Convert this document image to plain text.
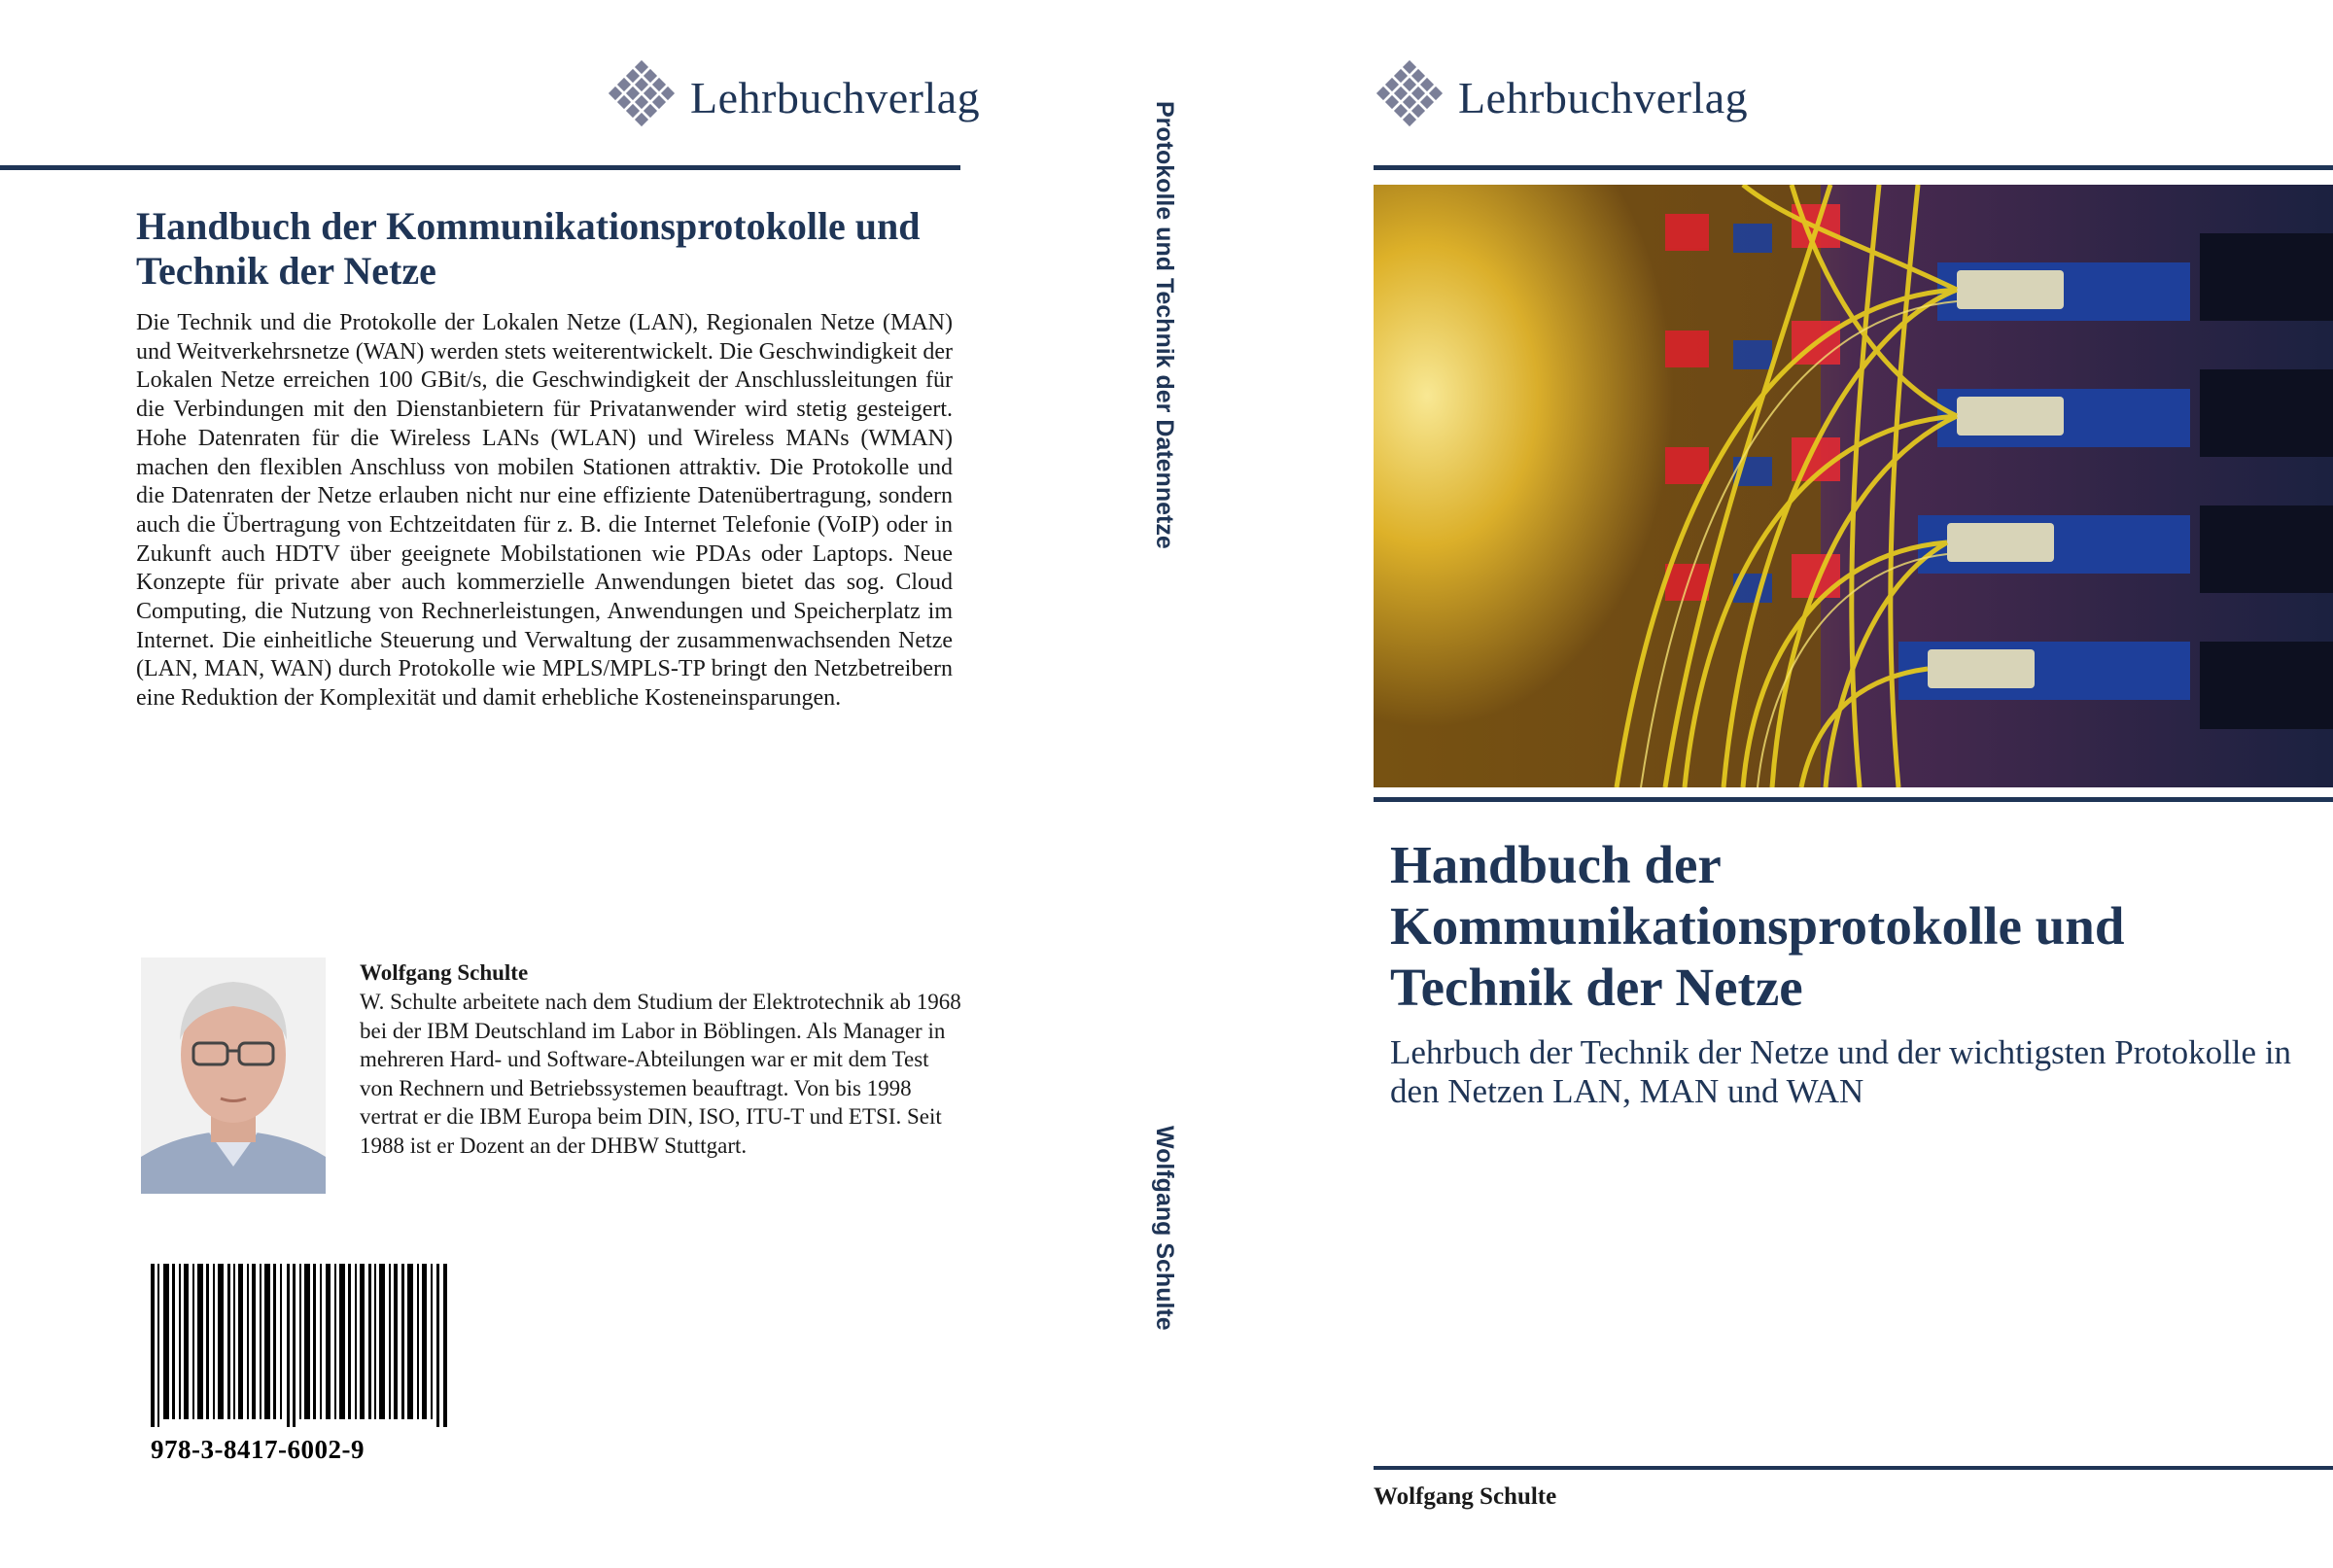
Lehrbuchverlag
Handbuch der Kommunikationsprotokolle und Technik der Netze
Die Technik und die Protokolle der Lokalen Netze (LAN), Regionalen Netze (MAN) und Weitverkehrsnetze (WAN) werden stets weiterentwickelt. Die Geschwindigkeit der Lokalen Netze erreichen 100 GBit/s, die Geschwindigkeit der Anschlussleitungen für die Verbindungen mit den Dienstanbietern für Privatanwender wird stetig gesteigert. Hohe Datenraten für die Wireless LANs (WLAN) und Wireless MANs (WMAN) machen den flexiblen Anschluss von mobilen Stationen attraktiv. Die Protokolle und die Datenraten der Netze erlauben nicht nur eine effiziente Datenübertragung, sondern auch die Übertragung von Echtzeitdaten für z. B. die Internet Telefonie (VoIP) oder in Zukunft auch HDTV über geeignete Mobilstationen wie PDAs oder Laptops. Neue Konzepte für private aber auch kommerzielle Anwendungen bietet das sog. Cloud Computing, die Nutzung von Rechnerleistungen, Anwendungen und Speicherplatz im Internet. Die einheitliche Steuerung und Verwaltung der zusammenwachsenden Netze (LAN, MAN, WAN) durch Protokolle wie MPLS/MPLS-TP bringt den Netzbetreibern eine Reduktion der Komplexität und damit erhebliche Kosteneinsparungen.
Wolfgang Schulte
W. Schulte arbeitete nach dem Studium der Elektrotechnik ab 1968 bei der IBM Deutschland im Labor in Böblingen. Als Manager in mehreren Hard- und Software-Abteilungen war er mit dem Test von Rechnern und Betriebssystemen beauftragt. Von bis 1998 vertrat er die IBM Europa beim DIN, ISO, ITU-T und ETSI. Seit 1988 ist er Dozent an der DHBW Stuttgart.
978-3-8417-6002-9
Protokolle und Technik der Datennetze
Wolfgang Schulte
Lehrbuchverlag
Handbuch der Kommunikationsprotokolle und Technik der Netze
Lehrbuch der Technik der Netze und der wichtigsten Protokolle in den Netzen LAN, MAN und WAN
Wolfgang Schulte
